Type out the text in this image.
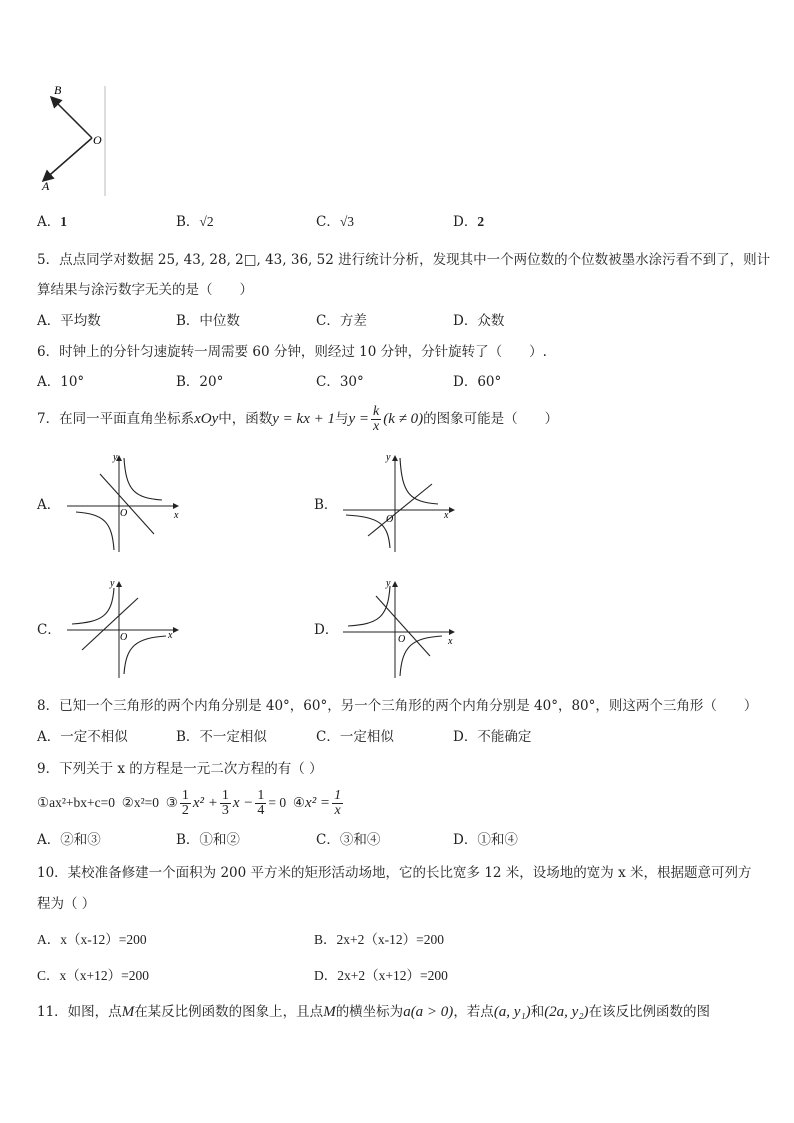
B
O
A
A．1	B．√2	C．√3	D．2
5．点点同学对数据 25, 43, 28, 2□, 43, 36, 52 进行统计分析，发现其中一个两位数的个位数被墨水涂污看不到了，则计
算结果与涂污数字无关的是（　　）
A．平均数	B．中位数	C．方差	D．众数
6．时钟上的分针匀速旋转一周需要 60 分钟，则经过 10 分钟，分针旋转了（　　）.
A．10°	B．20°	C．30°	D．60°
7．在同一平面直角坐标系xOy中，函数y = kx + 1与$y = \frac{k}{x} (k \ne 0)$的图象可能是（　　）
A．	B．
C．	D．
y
x
O
y
x
O
y
x
O
y
x
O
8．已知一个三角形的两个内角分别是 40°，60°，另一个三角形的两个内角分别是 40°，80°，则这两个三角形（　　）
A．一定不相似	B．不一定相似	C．一定相似	D．不能确定
9．下列关于 x 的方程是一元二次方程的有（ ）
①ax²+bx+c=0 ②x²=0 ③ $\frac{1}{2} x^2 + \frac{1}{3}$ $x - \frac{1}{4} = 0$ ④x² = $\frac{1}{x}$
A．②和③	B．①和②	C．③和④	D．①和④
10．某校准备修建一个面积为 200 平方米的矩形活动场地，它的长比宽多 12 米，设场地的宽为 x 米，根据题意可列方
程为（ ）
A．x（x-12）=200	B．2x+2（x-12）=200
C．x（x+12）=200	D．2x+2（x+12）=200
11．如图，点M在某反比例函数的图象上，且点M的横坐标为a(a > 0)，若点(a, y₁)和(2a, y₂)在该反比例函数的图
